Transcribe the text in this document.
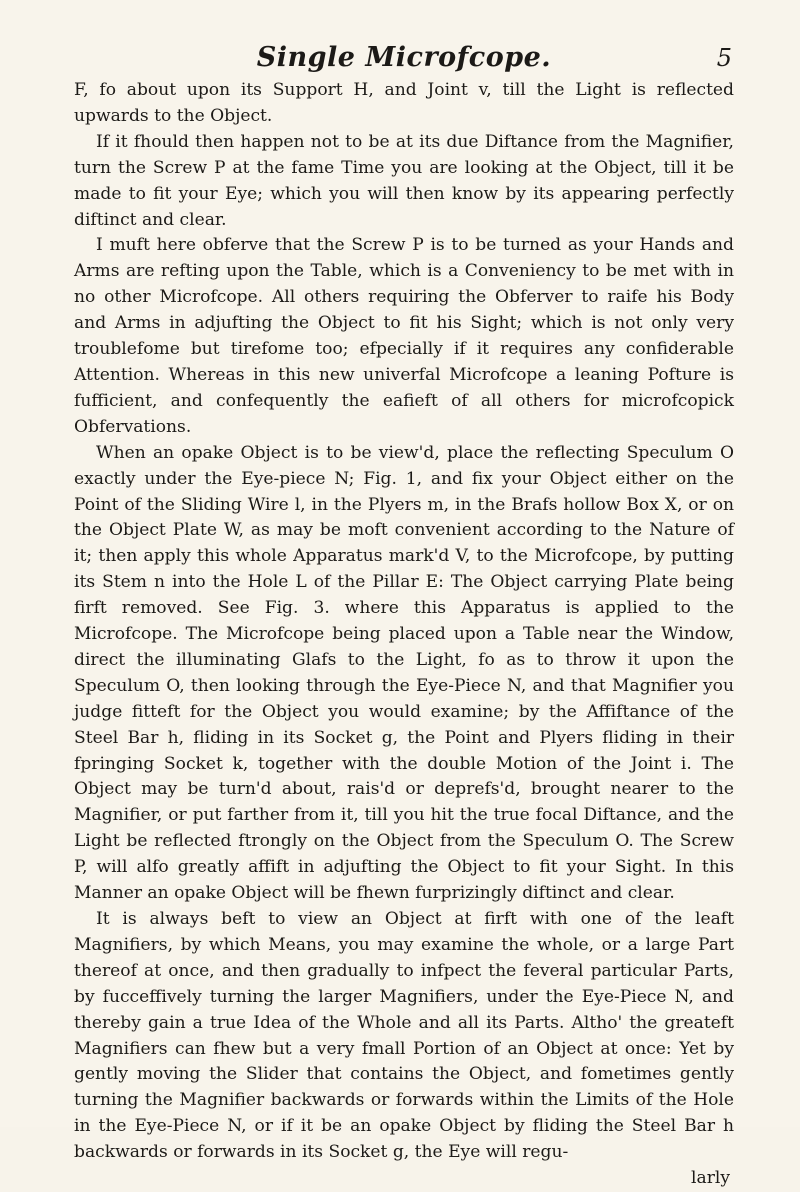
Single Microfcope.	5

F, fo about upon its Support H, and Joint v, till the Light is reflected upwards to the Object.

If it fhould then happen not to be at its due Diftance from the Magnifier, turn the Screw P at the fame Time you are looking at the Object, till it be made to fit your Eye; which you will then know by its appearing perfectly diftinct and clear.

I muft here obferve that the Screw P is to be turned as your Hands and Arms are refting upon the Table, which is a Conveniency to be met with in no other Microfcope. All others requiring the Obferver to raife his Body and Arms in adjufting the Object to fit his Sight; which is not only very troublefome but tirefome too; efpecially if it requires any confiderable Attention. Whereas in this new univerfal Microfcope a leaning Pofture is fufficient, and confequently the eafieft of all others for microfcopick Obfervations.

When an opake Object is to be view'd, place the reflecting Speculum O exactly under the Eye-piece N; Fig. 1, and fix your Object either on the Point of the Sliding Wire l, in the Plyers m, in the Brafs hollow Box X, or on the Object Plate W, as may be moft convenient according to the Nature of it; then apply this whole Apparatus mark'd V, to the Microfcope, by putting its Stem n into the Hole L of the Pillar E: The Object carrying Plate being firft removed. See Fig. 3. where this Apparatus is applied to the Microfcope. The Microfcope being placed upon a Table near the Window, direct the illuminating Glafs to the Light, fo as to throw it upon the Speculum O, then looking through the Eye-Piece N, and that Magnifier you judge fitteft for the Object you would examine; by the Affiftance of the Steel Bar h, fliding in its Socket g, the Point and Plyers fliding in their fpringing Socket k, together with the double Motion of the Joint i. The Object may be turn'd about, rais'd or deprefs'd, brought nearer to the Magnifier, or put farther from it, till you hit the true focal Diftance, and the Light be reflected ftrongly on the Object from the Speculum O. The Screw P, will alfo greatly affift in adjufting the Object to fit your Sight. In this Manner an opake Object will be fhewn furprizingly diftinct and clear.

It is always beft to view an Object at firft with one of the leaft Magnifiers, by which Means, you may examine the whole, or a large Part thereof at once, and then gradually to infpect the feveral particular Parts, by fucceffively turning the larger Magnifiers, under the Eye-Piece N, and thereby gain a true Idea of the Whole and all its Parts. Altho' the greateft Magnifiers can fhew but a very fmall Portion of an Object at once: Yet by gently moving the Slider that contains the Object, and fometimes gently turning the Magnifier backwards or forwards within the Limits of the Hole in the Eye-Piece N, or if it be an opake Object by fliding the Steel Bar h backwards or forwards in its Socket g, the Eye will regu-

larly
